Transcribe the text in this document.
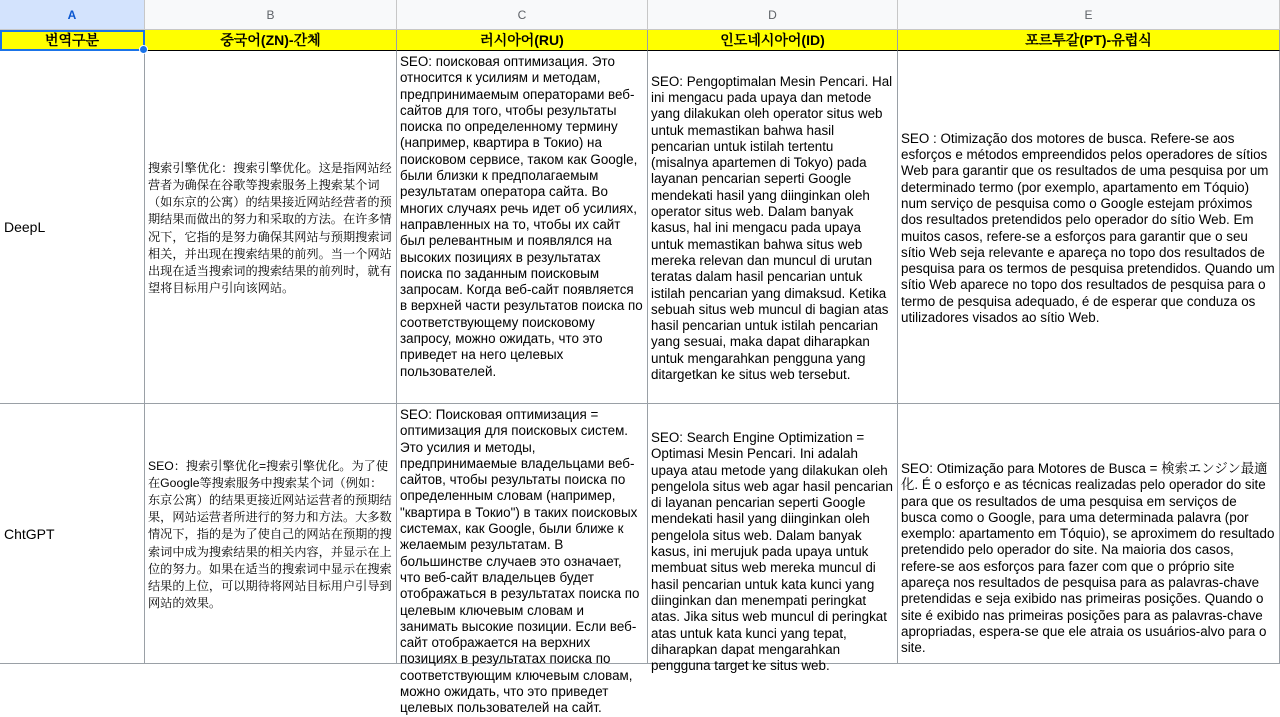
A	B	C	D	E
번역구분	중국어(ZN)-간체	러시아어(RU)	인도네시아어(ID)	포르투갈(PT)-유럽식
DeepL
搜索引擎优化：搜索引擎优化。这是指网站经营者为确保在谷歌等搜索服务上搜索某个词（如东京的公寓）的结果接近网站经营者的预期结果而做出的努力和采取的方法。在许多情况下，它指的是努力确保其网站与预期搜索词相关，并出现在搜索结果的前列。当一个网站出现在适当搜索词的搜索结果的前列时，就有望将目标用户引向该网站。
SEO: поисковая оптимизация. Это относится к усилиям и методам, предпринимаемым операторами веб-сайтов для того, чтобы результаты поиска по определенному термину (например, квартира в Токио) на поисковом сервисе, таком как Google, были близки к предполагаемым результатам оператора сайта. Во многих случаях речь идет об усилиях, направленных на то, чтобы их сайт был релевантным и появлялся на высоких позициях в результатах поиска по заданным поисковым запросам. Когда веб-сайт появляется в верхней части результатов поиска по соответствующему поисковому запросу, можно ожидать, что это приведет на него целевых пользователей.
SEO: Pengoptimalan Mesin Pencari. Hal ini mengacu pada upaya dan metode yang dilakukan oleh operator situs web untuk memastikan bahwa hasil pencarian untuk istilah tertentu (misalnya apartemen di Tokyo) pada layanan pencarian seperti Google mendekati hasil yang diinginkan oleh operator situs web. Dalam banyak kasus, hal ini mengacu pada upaya untuk memastikan bahwa situs web mereka relevan dan muncul di urutan teratas dalam hasil pencarian untuk istilah pencarian yang dimaksud. Ketika sebuah situs web muncul di bagian atas hasil pencarian untuk istilah pencarian yang sesuai, maka dapat diharapkan untuk mengarahkan pengguna yang ditargetkan ke situs web tersebut.
SEO : Otimização dos motores de busca. Refere-se aos esforços e métodos empreendidos pelos operadores de sítios Web para garantir que os resultados de uma pesquisa por um determinado termo (por exemplo, apartamento em Tóquio) num serviço de pesquisa como o Google estejam próximos dos resultados pretendidos pelo operador do sítio Web. Em muitos casos, refere-se a esforços para garantir que o seu sítio Web seja relevante e apareça no topo dos resultados de pesquisa para os termos de pesquisa pretendidos. Quando um sítio Web aparece no topo dos resultados de pesquisa para o termo de pesquisa adequado, é de esperar que conduza os utilizadores visados ao sítio Web.
ChtGPT
SEO：搜索引擎优化=搜索引擎优化。为了使在Google等搜索服务中搜索某个词（例如：东京公寓）的结果更接近网站运营者的预期结果，网站运营者所进行的努力和方法。大多数情况下，指的是为了使自己的网站在预期的搜索词中成为搜索结果的相关内容，并显示在上位的努力。如果在适当的搜索词中显示在搜索结果的上位，可以期待将网站目标用户引导到网站的效果。
SEO: Поисковая оптимизация = оптимизация для поисковых систем. Это усилия и методы, предпринимаемые владельцами веб-сайтов, чтобы результаты поиска по определенным словам (например, "квартира в Токио") в таких поисковых системах, как Google, были ближе к желаемым результатам. В большинстве случаев это означает, что веб-сайт владельцев будет отображаться в результатах поиска по целевым ключевым словам и занимать высокие позиции. Если веб-сайт отображается на верхних позициях в результатах поиска по соответствующим ключевым словам, можно ожидать, что это приведет целевых пользователей на сайт.
SEO: Search Engine Optimization = Optimasi Mesin Pencari. Ini adalah upaya atau metode yang dilakukan oleh pengelola situs web agar hasil pencarian di layanan pencarian seperti Google mendekati hasil yang diinginkan oleh pengelola situs web. Dalam banyak kasus, ini merujuk pada upaya untuk membuat situs web mereka muncul di hasil pencarian untuk kata kunci yang diinginkan dan menempati peringkat atas. Jika situs web muncul di peringkat atas untuk kata kunci yang tepat, diharapkan dapat mengarahkan pengguna target ke situs web.
SEO: Otimização para Motores de Busca = 検索エンジン最適化. É o esforço e as técnicas realizadas pelo operador do site para que os resultados de uma pesquisa em serviços de busca como o Google, para uma determinada palavra (por exemplo: apartamento em Tóquio), se aproximem do resultado pretendido pelo operador do site. Na maioria dos casos, refere-se aos esforços para fazer com que o próprio site apareça nos resultados de pesquisa para as palavras-chave pretendidas e seja exibido nas primeiras posições. Quando o site é exibido nas primeiras posições para as palavras-chave apropriadas, espera-se que ele atraia os usuários-alvo para o site.
